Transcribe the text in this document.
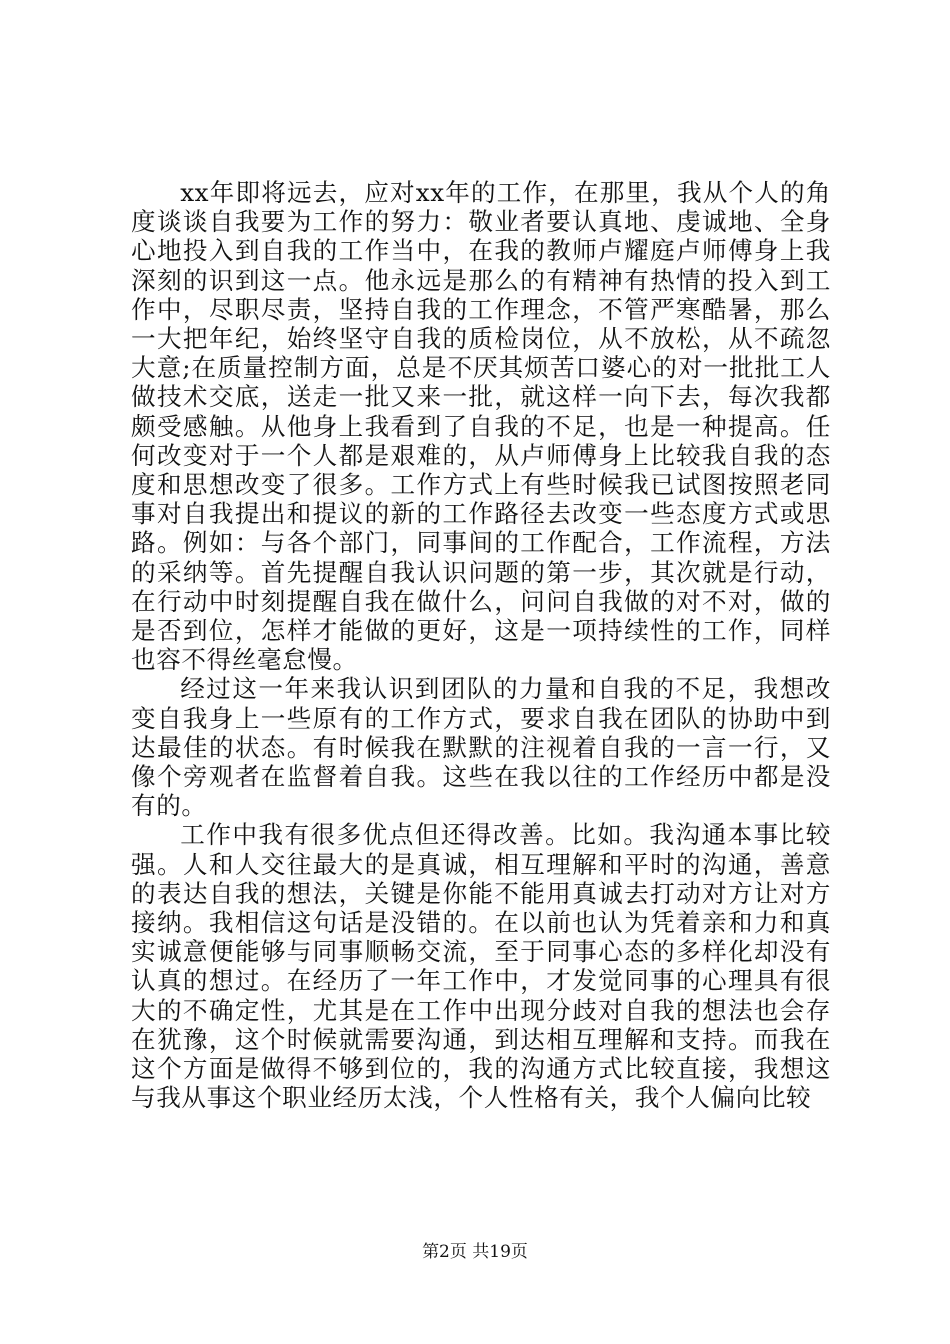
xx年即将远去，应对xx年的工作，在那里，我从个人的角度谈谈自我要为工作的努力：敬业者要认真地、虔诚地、全身心地投入到自我的工作当中，在我的教师卢耀庭卢师傅身上我深刻的识到这一点。他永远是那么的有精神有热情的投入到工作中，尽职尽责，坚持自我的工作理念，不管严寒酷暑，那么一大把年纪，始终坚守自我的质检岗位，从不放松，从不疏忽大意;在质量控制方面，总是不厌其烦苦口婆心的对一批批工人做技术交底，送走一批又来一批，就这样一向下去，每次我都颇受感触。从他身上我看到了自我的不足，也是一种提高。任何改变对于一个人都是艰难的，从卢师傅身上比较我自我的态度和思想改变了很多。工作方式上有些时候我已试图按照老同事对自我提出和提议的新的工作路径去改变一些态度方式或思路。例如：与各个部门，同事间的工作配合，工作流程，方法的采纳等。首先提醒自我认识问题的第一步，其次就是行动，在行动中时刻提醒自我在做什么，问问自我做的对不对，做的是否到位，怎样才能做的更好，这是一项持续性的工作，同样也容不得丝毫怠慢。

经过这一年来我认识到团队的力量和自我的不足，我想改变自我身上一些原有的工作方式，要求自我在团队的协助中到达最佳的状态。有时候我在默默的注视着自我的一言一行，又像个旁观者在监督着自我。这些在我以往的工作经历中都是没有的。

工作中我有很多优点但还得改善。比如。我沟通本事比较强。人和人交往最大的是真诚，相互理解和平时的沟通，善意的表达自我的想法，关键是你能不能用真诚去打动对方让对方接纳。我相信这句话是没错的。在以前也认为凭着亲和力和真实诚意便能够与同事顺畅交流，至于同事心态的多样化却没有认真的想过。在经历了一年工作中，才发觉同事的心理具有很大的不确定性，尤其是在工作中出现分歧对自我的想法也会存在犹豫，这个时候就需要沟通，到达相互理解和支持。而我在这个方面是做得不够到位的，我的沟通方式比较直接，我想这与我从事这个职业经历太浅，个人性格有关，我个人偏向比较

第2页 共19页
